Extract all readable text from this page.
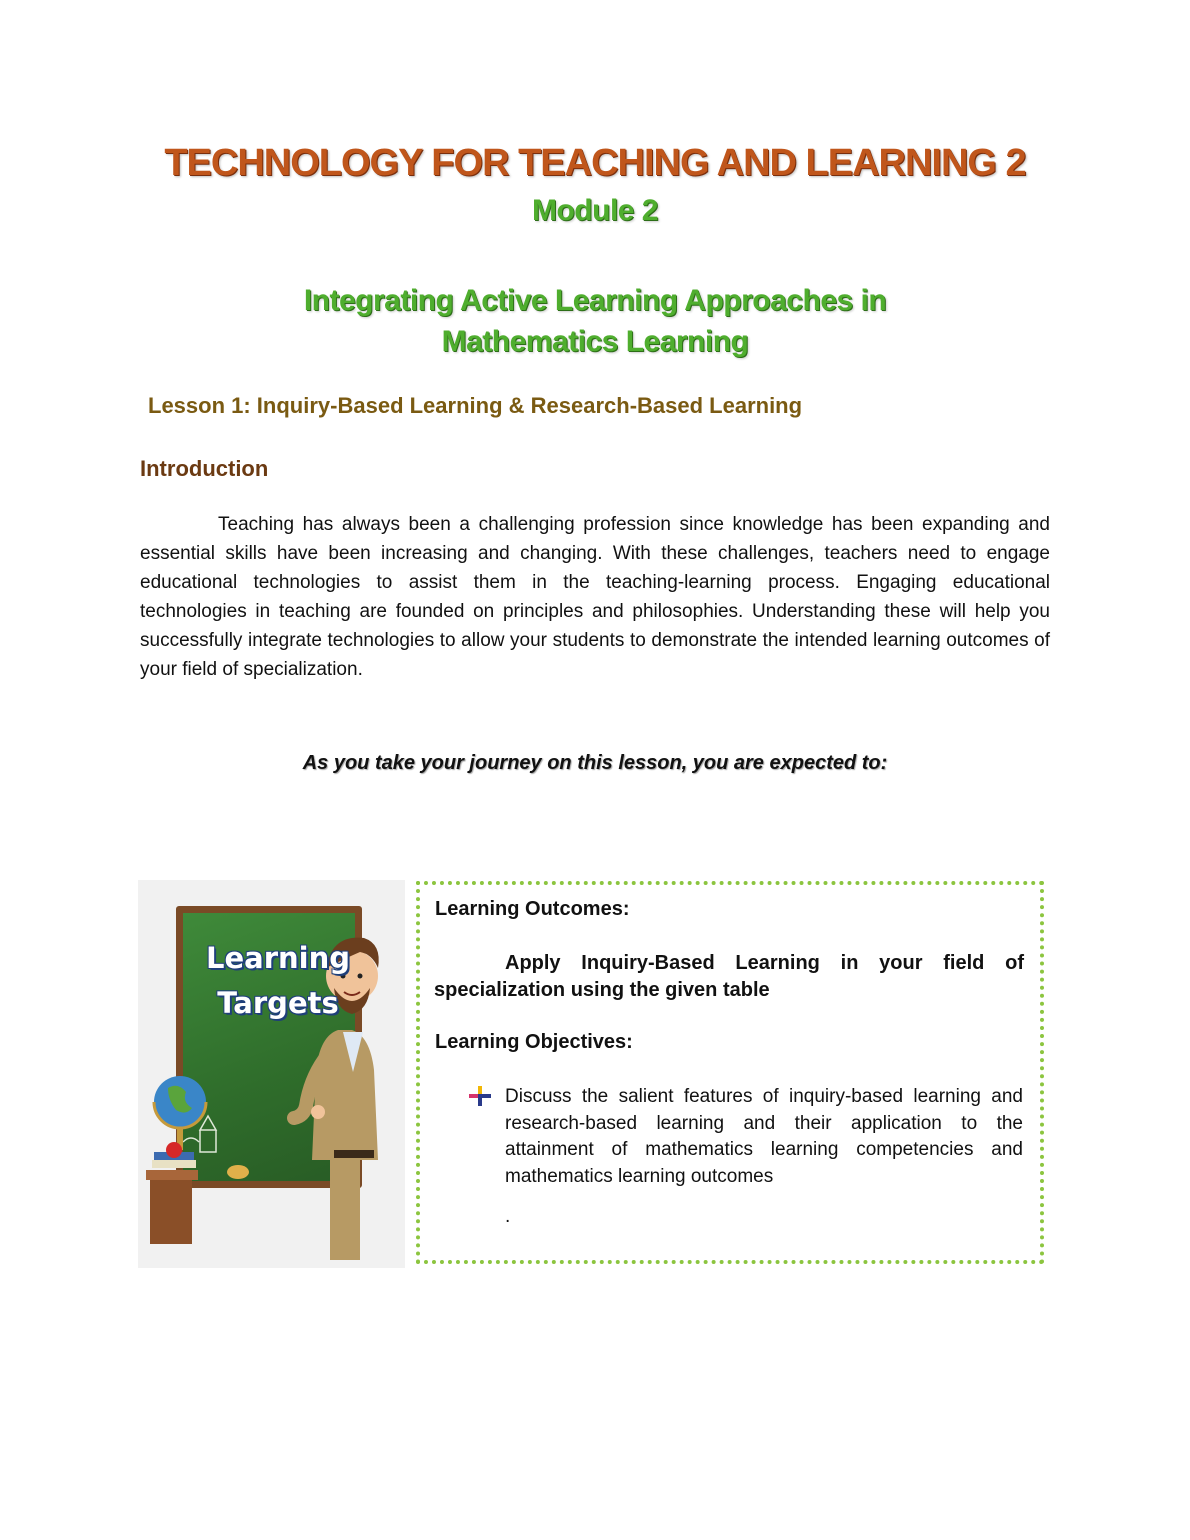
TECHNOLOGY FOR TEACHING AND LEARNING 2
Module 2
Integrating Active Learning Approaches in
Mathematics Learning
Lesson 1: Inquiry-Based Learning & Research-Based Learning
Introduction
Teaching has always been a challenging profession since knowledge has been expanding and essential skills have been increasing and changing. With these challenges, teachers need to engage educational technologies to assist them in the teaching-learning process. Engaging educational technologies in teaching are founded on principles and philosophies. Understanding these will help you successfully integrate technologies to allow your students to demonstrate the intended learning outcomes of your field of specialization.
As you take your journey on this lesson, you are expected to:
Learning
Targets
Learning Outcomes:
Apply Inquiry-Based Learning in your field of specialization using the given table
Learning Objectives:
Discuss the salient features of inquiry-based learning and research-based learning and their application to the attainment of mathematics learning competencies and mathematics learning outcomes
.
